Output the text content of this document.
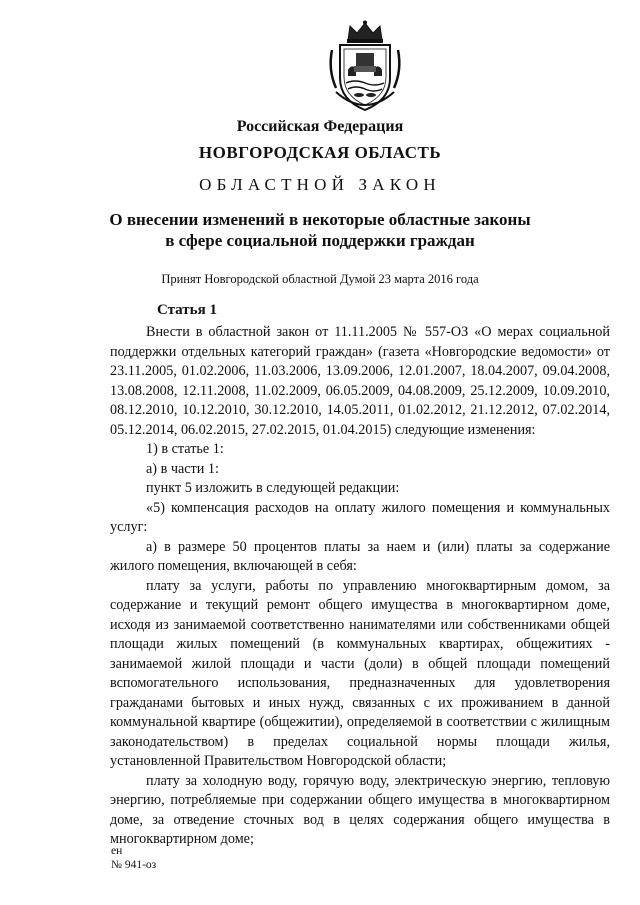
Российская Федерация
НОВГОРОДСКАЯ ОБЛАСТЬ
ОБЛАСТНОЙ ЗАКОН
О внесении изменений в некоторые областные законы
в сфере социальной поддержки граждан
Принят Новгородской областной Думой 23 марта 2016 года
Статья 1

Внести в областной закон от 11.11.2005 № 557-ОЗ «О мерах социальной поддержки отдельных категорий граждан» (газета «Новгородские ведомости» от 23.11.2005, 01.02.2006, 11.03.2006, 13.09.2006, 12.01.2007, 18.04.2007, 09.04.2008, 13.08.2008, 12.11.2008, 11.02.2009, 06.05.2009, 04.08.2009, 25.12.2009, 10.09.2010, 08.12.2010, 10.12.2010, 30.12.2010, 14.05.2011, 01.02.2012, 21.12.2012, 07.02.2014, 05.12.2014, 06.02.2015, 27.02.2015, 01.04.2015) следующие изменения:

1) в статье 1:

а) в части 1:

пункт 5 изложить в следующей редакции:

«5) компенсация расходов на оплату жилого помещения и коммунальных услуг:

а) в размере 50 процентов платы за наем и (или) платы за содержание жилого помещения, включающей в себя:

плату за услуги, работы по управлению многоквартирным домом, за содержание и текущий ремонт общего имущества в многоквартирном доме, исходя из занимаемой соответственно нанимателями или собственниками общей площади жилых помещений (в коммунальных квартирах, общежитиях - занимаемой жилой площади и части (доли) в общей площади помещений вспомогательного использования, предназначенных для удовлетворения гражданами бытовых и иных нужд, связанных с их проживанием в данной коммунальной квартире (общежитии), определяемой в соответствии с жилищным законодательством) в пределах социальной нормы площади жилья, установленной Правительством Новгородской области;

плату за холодную воду, горячую воду, электрическую энергию, тепловую энергию, потребляемые при содержании общего имущества в многоквартирном доме, за отведение сточных вод в целях содержания общего имущества в многоквартирном доме;

ен
№ 941-оз
